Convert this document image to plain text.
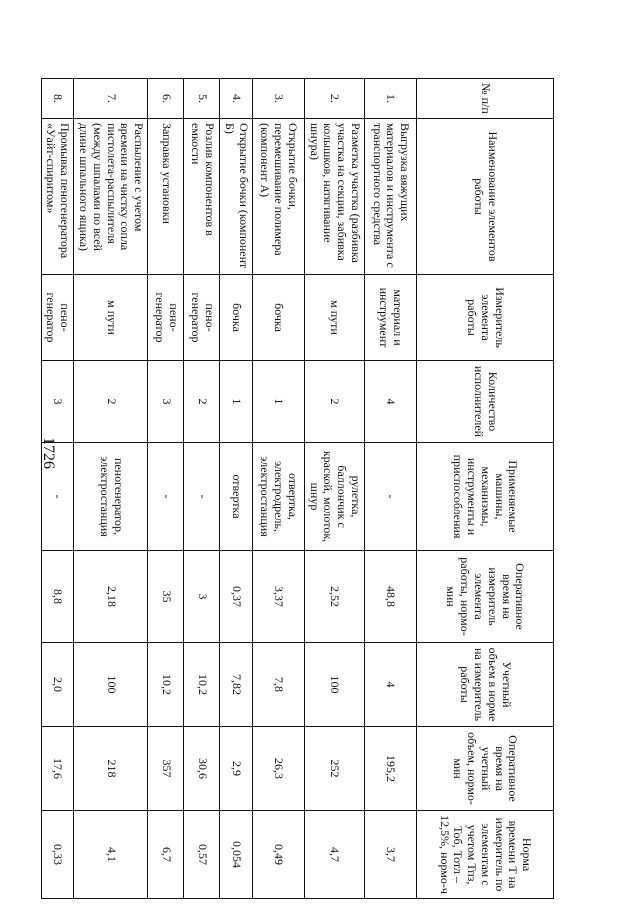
1726
№ п/п	Наименование элементов работы	Измеритель элемента работы	Количество исполнителей	Применяемые машины, механизмы, инструменты и приспособления	Оперативное время на измеритель элемента работы, нормо-мин	Учетный объем в норме на измеритель работы	Оперативное время на учетный объем, нормо-мин	Норма времени Т на измеритель по элементам с учетом Тпз, Тоб, Тотл – 12,5%, нормо-ч
1.	Выгрузка вяжущих материалов и инструмента с транспортного средства	материал и инструмент	4	-	48,8	4	195,2	3,7
2.	Разметка участка (разбивка участка на секции, забивка колышков, натягивание шнура)	м пути	2	рулетка, баллончик с краской, молоток, шнур	2,52	100	252	4,7
3.	Открытие бочки, перемешивание полимера (компонент А)	бочка	1	отвертка, электродрель, электростанция	3,37	7,8	26,3	0,49
4.	Открытие бочки (компонент Б)	бочка	1	отвертка	0,37	7,82	2,9	0,054
5.	Розлив компонентов в емкости	пено-генератор	2	-	3	10,2	30,6	0,57
6.	Заправка установки	пено-генератор	3	-	35	10,2	357	6,7
7.	Распыление с учетом времени на чистку сопла пистолета-распылителя (между шпалами по всей длине шпального ящика)	м пути	2	пеногенератор, электростанция	2,18	100	218	4,1
8.	Промывка пеногенератора «Уайт-спиритом»	пено-генератор	3	-	8,8	2,0	17,6	0,33
